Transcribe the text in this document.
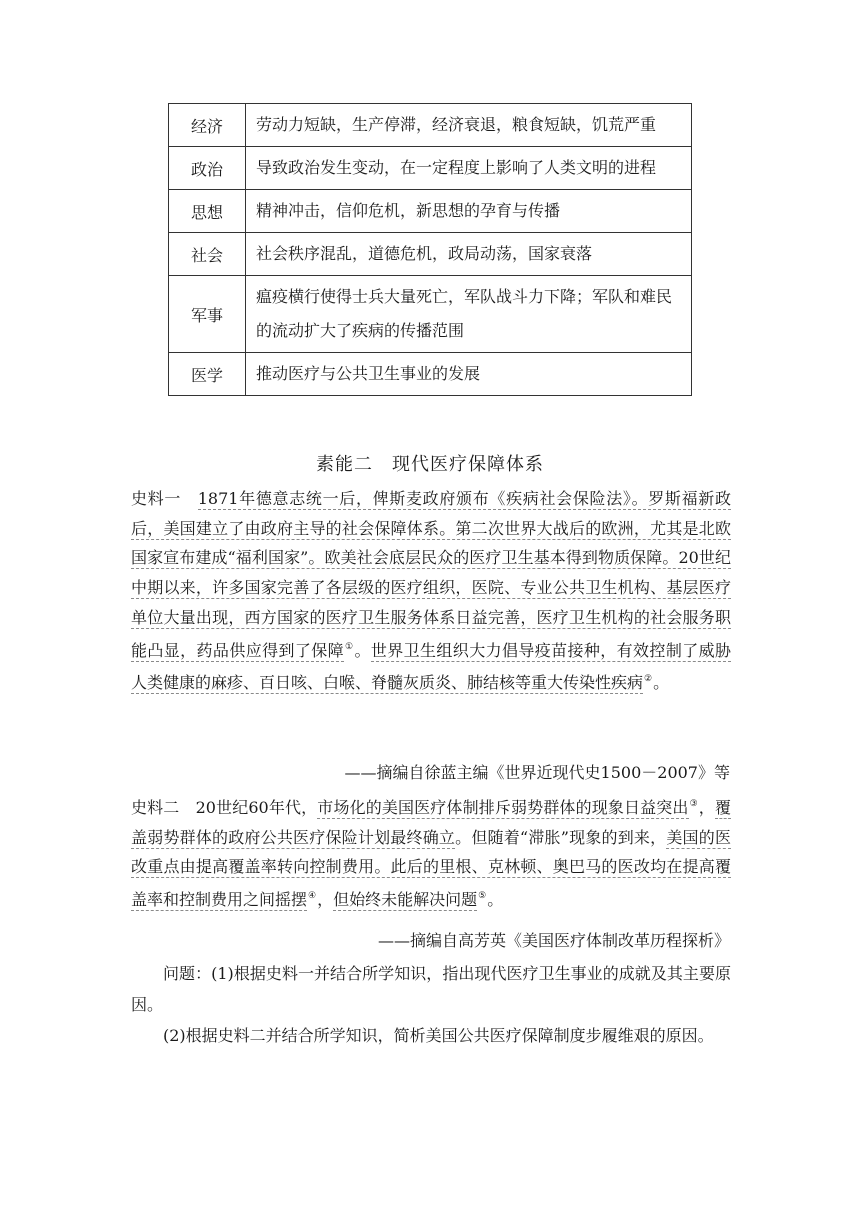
经济	劳动力短缺，生产停滞，经济衰退，粮食短缺，饥荒严重
政治	导致政治发生变动，在一定程度上影响了人类文明的进程
思想	精神冲击，信仰危机，新思想的孕育与传播
社会	社会秩序混乱，道德危机，政局动荡，国家衰落
军事	瘟疫横行使得士兵大量死亡，军队战斗力下降；军队和难民的流动扩大了疾病的传播范围
医学	推动医疗与公共卫生事业的发展
素能二　现代医疗保障体系

史料一　1871年德意志统一后，俾斯麦政府颁布《疾病社会保险法》。罗斯福新政后，美国建立了由政府主导的社会保障体系。第二次世界大战后的欧洲，尤其是北欧国家宣布建成“福利国家”。欧美社会底层民众的医疗卫生基本得到物质保障。20世纪中期以来，许多国家完善了各层级的医疗组织，医院、专业公共卫生机构、基层医疗单位大量出现，西方国家的医疗卫生服务体系日益完善，医疗卫生机构的社会服务职能凸显，药品供应得到了保障①。世界卫生组织大力倡导疫苗接种，有效控制了威胁人类健康的麻疹、百日咳、白喉、脊髓灰质炎、肺结核等重大传染性疾病②。

——摘编自徐蓝主编《世界近现代史1500－2007》等

史料二　20世纪60年代，市场化的美国医疗体制排斥弱势群体的现象日益突出③，覆盖弱势群体的政府公共医疗保险计划最终确立。但随着“滞胀”现象的到来，美国的医改重点由提高覆盖率转向控制费用。此后的里根、克林顿、奥巴马的医改均在提高覆盖率和控制费用之间摇摆④，但始终未能解决问题⑤。

——摘编自高芳英《美国医疗体制改革历程探析》

问题：(1)根据史料一并结合所学知识，指出现代医疗卫生事业的成就及其主要原因。

(2)根据史料二并结合所学知识，简析美国公共医疗保障制度步履维艰的原因。
